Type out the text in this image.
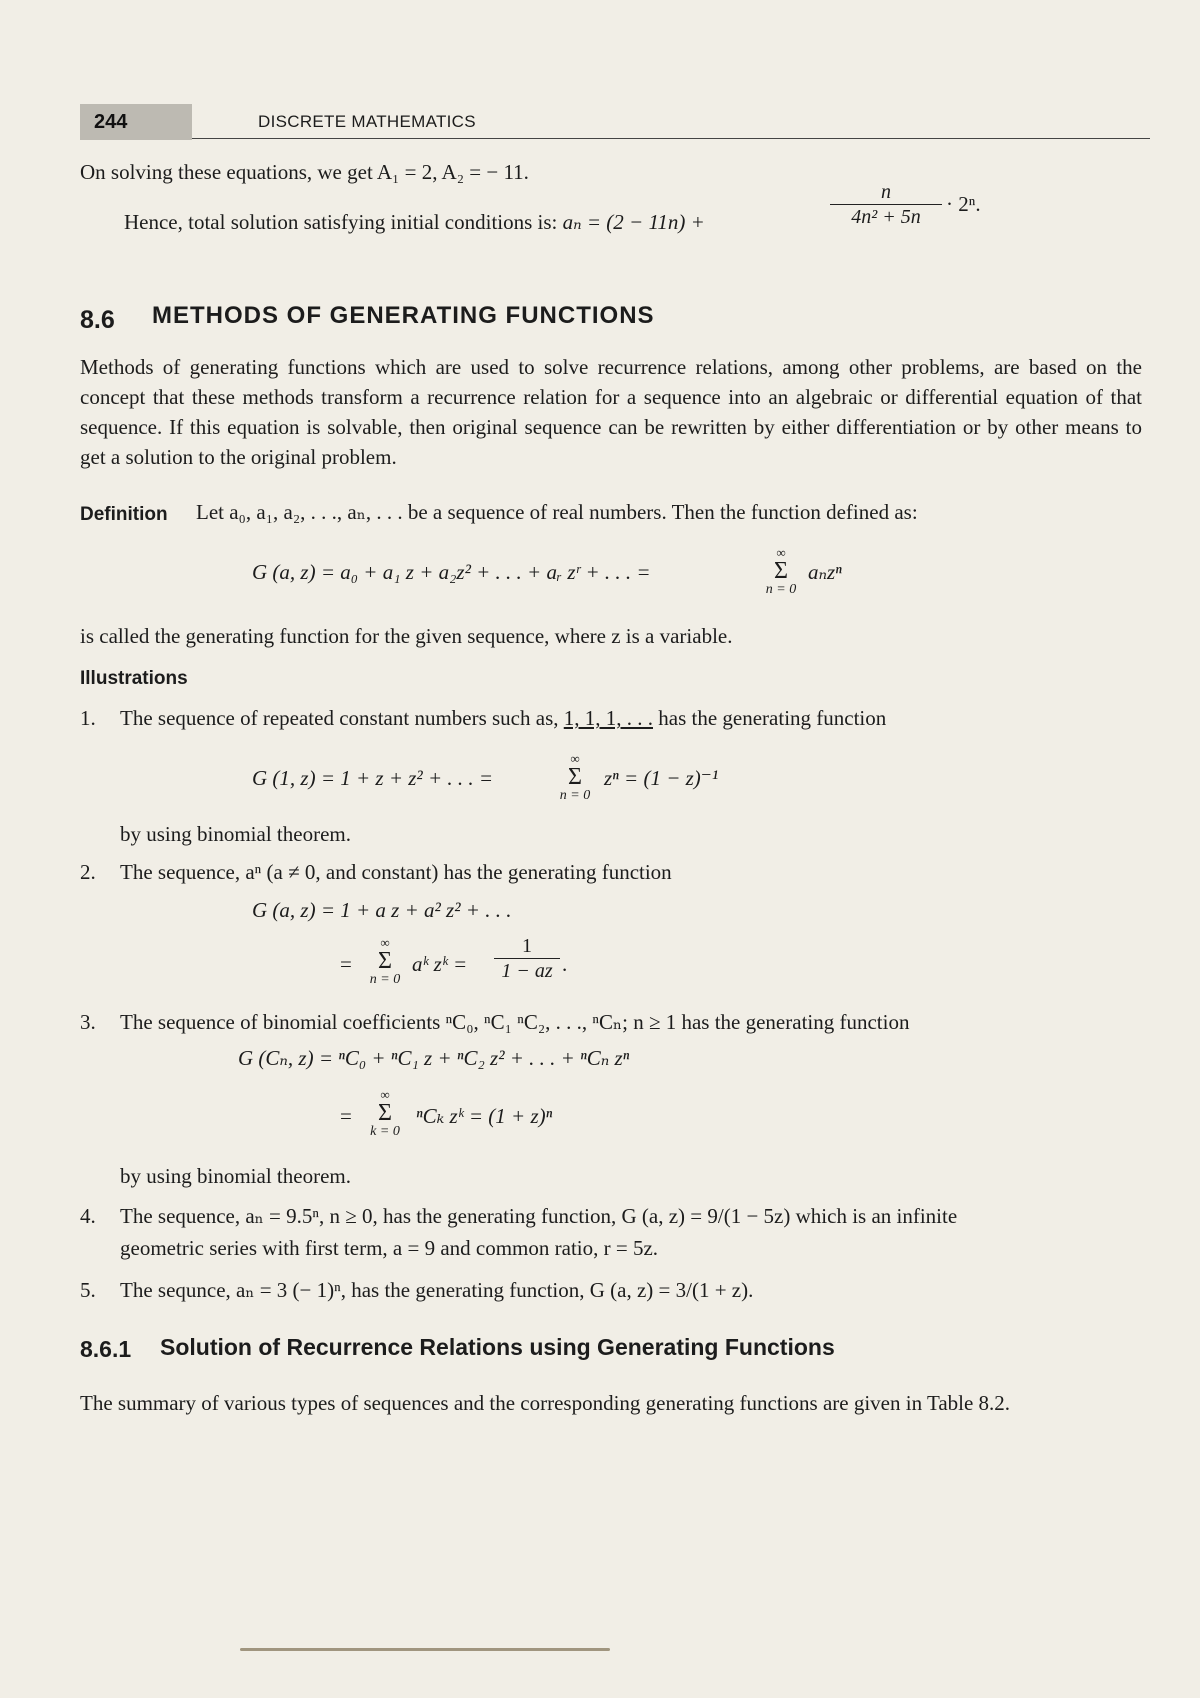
244	DISCRETE MATHEMATICS
On solving these equations, we get A₁ = 2, A₂ = − 11.
Hence, total solution satisfying initial conditions is: aₙ = (2 − 11n) +
n
4n² + 5n
· 2ⁿ.
8.6 METHODS OF GENERATING FUNCTIONS
Methods of generating functions which are used to solve recurrence relations, among other problems, are based on the concept that these methods transform a recurrence relation for a sequence into an algebraic or differential equation of that sequence. If this equation is solvable, then original sequence can be rewritten by either differentiation or by other means to get a solution to the original problem.
Definition Let a₀, a₁, a₂, . . ., aₙ, . . . be a sequence of real numbers. Then the function defined as:
G (a, z) = a₀ + a₁ z + a₂z² + . . . + aᵣ zʳ + . . . =
∞
Σ
n = 0
aₙzⁿ
is called the generating function for the given sequence, where z is a variable.
Illustrations
1. The sequence of repeated constant numbers such as, 1, 1, 1, . . . has the generating function
G (1, z) = 1 + z + z² + . . . =
∞
Σ
n = 0
zⁿ = (1 − z)⁻¹
by using binomial theorem.
2. The sequence, aⁿ (a ≠ 0, and constant) has the generating function
G (a, z) = 1 + a z + a² z² + . . .
=
∞
Σ
n = 0
aᵏ zᵏ =
1
1 − az .
3. The sequence of binomial coefficients ⁿC₀, ⁿC₁ ⁿC₂, . . ., ⁿCₙ; n ≥ 1 has the generating function
G (Cₙ, z) = ⁿC₀ + ⁿC₁ z + ⁿC₂ z² + . . . + ⁿCₙ zⁿ
=
∞
Σ
k = 0
ⁿCₖ zᵏ = (1 + z)ⁿ
by using binomial theorem.
4. The sequence, aₙ = 9.5ⁿ, n ≥ 0, has the generating function, G (a, z) = 9/(1 − 5z) which is an infinite
geometric series with first term, a = 9 and common ratio, r = 5z.
5. The sequnce, aₙ = 3 (− 1)ⁿ, has the generating function, G (a, z) = 3/(1 + z).
8.6.1 Solution of Recurrence Relations using Generating Functions
The summary of various types of sequences and the corresponding generating functions are given in Table 8.2.
